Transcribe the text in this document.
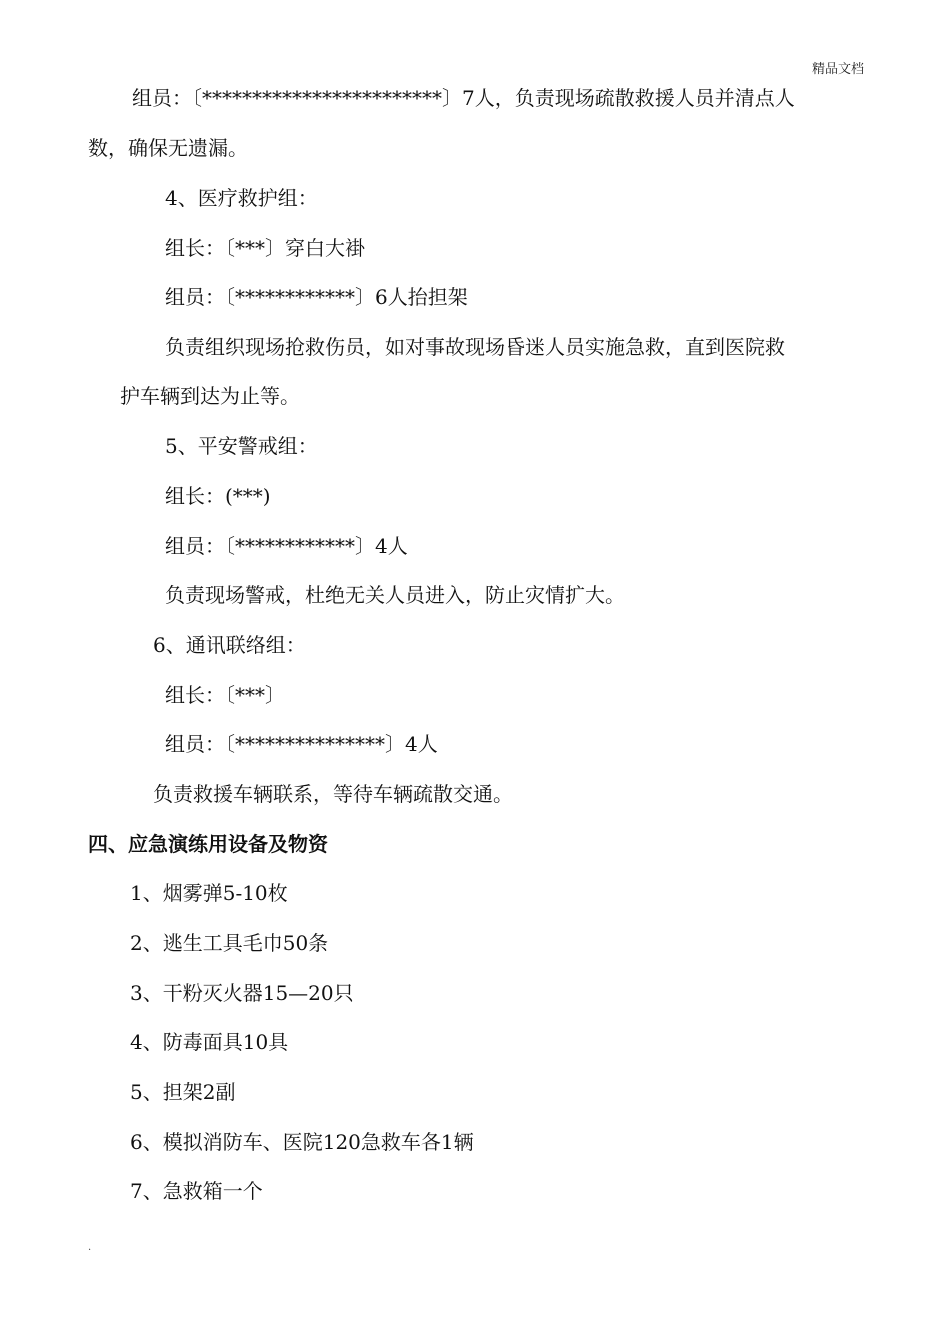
精品文档
组员：〔************************〕7人，负责现场疏散救援人员并清点人
数，确保无遗漏。
4、医疗救护组：
组长：〔***〕穿白大褂
组员：〔************〕6人抬担架
负责组织现场抢救伤员，如对事故现场昏迷人员实施急救，直到医院救
护车辆到达为止等。
5、平安警戒组：
组长：(***)
组员：〔************〕4人
负责现场警戒，杜绝无关人员进入，防止灾情扩大。
6、通讯联络组：
组长：〔***〕
组员：〔***************〕4人
负责救援车辆联系，等待车辆疏散交通。
四、应急演练用设备及物资
1、烟雾弹5-10枚
2、逃生工具毛巾50条
3、干粉灭火器15—20只
4、防毒面具10具
5、担架2副
6、模拟消防车、医院120急救车各1辆
7、急救箱一个
.
